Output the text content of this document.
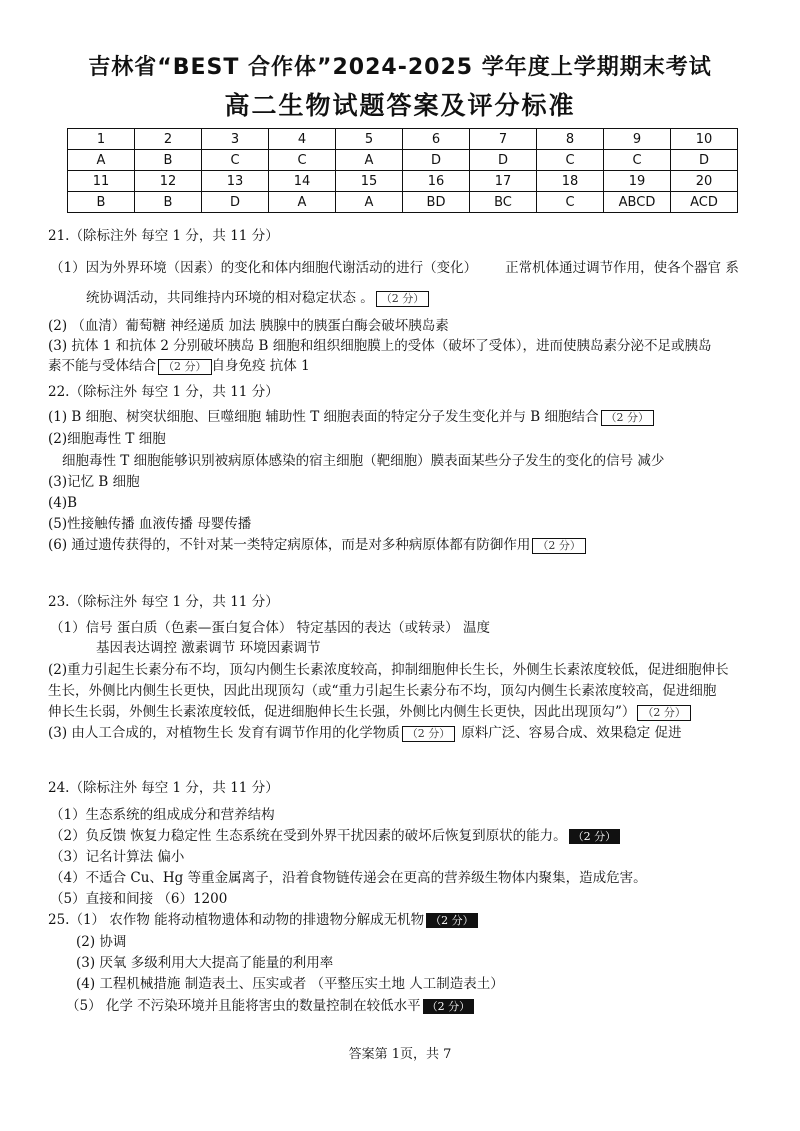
吉林省“BEST 合作体”2024-2025 学年度上学期期末考试
高二生物试题答案及评分标准
1	2	3	4	5	6	7	8	9	10
A	B	C	C	A	D	D	C	C	D
11	12	13	14	15	16	17	18	19	20
B	B	D	A	A	BD	BC	C	ABCD	ACD
21.（除标注外 每空 1 分，共 11 分）
（1）因为外界环境（因素）的变化和体内细胞代谢活动的进行（变化） 正常机体通过调节作用，使各个器官 系
统协调活动，共同维持内环境的相对稳定状态 。 （2 分）
(2) （血清）葡萄糖 神经递质 加法 胰腺中的胰蛋白酶会破坏胰岛素
(3) 抗体 1 和抗体 2 分别破坏胰岛 B 细胞和组织细胞膜上的受体（破坏了受体），进而使胰岛素分泌不足或胰岛
素不能与受体结合 （2 分） 自身免疫 抗体 1
22.（除标注外 每空 1 分，共 11 分）
(1) B 细胞、树突状细胞、巨噬细胞 辅助性 T 细胞表面的特定分子发生变化并与 B 细胞结合 （2 分）
(2)细胞毒性 T 细胞
细胞毒性 T 细胞能够识别被病原体感染的宿主细胞（靶细胞）膜表面某些分子发生的变化的信号 减少
(3)记忆 B 细胞
(4)B
(5)性接触传播 血液传播 母婴传播
(6) 通过遗传获得的，不针对某一类特定病原体，而是对多种病原体都有防御作用 （2 分）
23.（除标注外 每空 1 分，共 11 分）
（1）信号 蛋白质（色素—蛋白复合体） 特定基因的表达（或转录） 温度
基因表达调控 激素调节 环境因素调节
(2)重力引起生长素分布不均，顶勾内侧生长素浓度较高，抑制细胞伸长生长，外侧生长素浓度较低，促进细胞伸长
生长，外侧比内侧生长更快，因此出现顶勾（或“重力引起生长素分布不均，顶勾内侧生长素浓度较高，促进细胞
伸长生长弱，外侧生长素浓度较低，促进细胞伸长生长强，外侧比内侧生长更快，因此出现顶勾”） （2 分）
(3) 由人工合成的，对植物生长 发育有调节作用的化学物质 （2 分） 原料广泛、容易合成、效果稳定 促进
24.（除标注外 每空 1 分，共 11 分）
（1）生态系统的组成成分和营养结构
（2）负反馈 恢复力稳定性 生态系统在受到外界干扰因素的破坏后恢复到原状的能力。 （2 分）
（3）记名计算法 偏小
（4）不适合 Cu、Hg 等重金属离子，沿着食物链传递会在更高的营养级生物体内聚集，造成危害。
（5）直接和间接 （6）1200
25.（1） 农作物 能将动植物遗体和动物的排遗物分解成无机物 （2 分）
(2) 协调
(3) 厌氧 多级利用大大提高了能量的利用率
(4) 工程机械措施 制造表土、压实或者 （平整压实土地 人工制造表土）
（5） 化学 不污染环境并且能将害虫的数量控制在较低水平 （2 分）
答案第 1页，共 7
